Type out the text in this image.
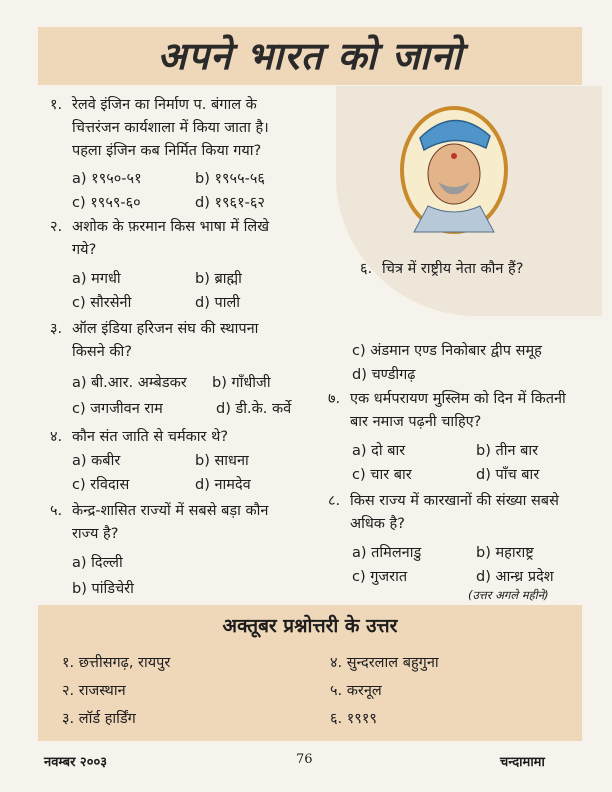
अपने भारत को जानो
१. रेलवे इंजिन का निर्माण प. बंगाल के
चित्तरंजन कार्यशाला में किया जाता है।
पहला इंजिन कब निर्मित किया गया?
a) १९५०-५१	b) १९५५-५६
c) १९५९-६०	d) १९६१-६२
२. अशोक के फ़रमान किस भाषा में लिखे
गये?
a) मगधी	b) ब्राह्मी
c) सौरसेनी	d) पाली
३. ऑल इंडिया हरिजन संघ की स्थापना
किसने की?
a) बी.आर. अम्बेडकर b) गाँधीजी
c) जगजीवन राम	d) डी.के. कर्वे
४. कौन संत जाति से चर्मकार थे?
a) कबीर	b) साधना
c) रविदास	d) नामदेव
५. केन्द्र-शासित राज्यों में सबसे बड़ा कौन
राज्य है?
a) दिल्ली
b) पांडिचेरी
६. चित्र में राष्ट्रीय नेता कौन हैं?
c) अंडमान एण्ड निकोबार द्वीप समूह
d) चण्डीगढ़
७. एक धर्मपरायण मुस्लिम को दिन में कितनी
बार नमाज पढ़नी चाहिए?
a) दो बार	b) तीन बार
c) चार बार	d) पाँच बार
८. किस राज्य में कारखानों की संख्या सबसे
अधिक है?
a) तमिलनाडु	b) महाराष्ट्र
c) गुजरात	d) आन्ध्र प्रदेश
(उत्तर अगले महीने)
अक्तूबर प्रश्नोत्तरी के उत्तर
१. छत्तीसगढ़, रायपुर
२. राजस्थान
३. लॉर्ड हार्डिंग
४. सुन्दरलाल बहुगुना
५. करनूल
६. १९१९
नवम्बर २००३	76	चन्दामामा
